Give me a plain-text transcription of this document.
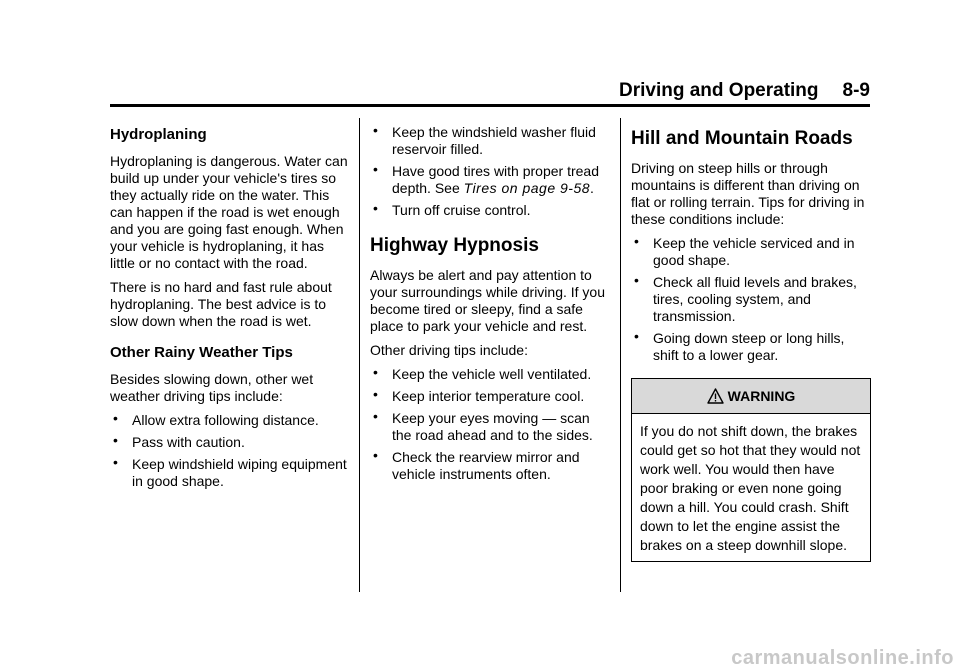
Driving and Operating 8-9
Hydroplaning

Hydroplaning is dangerous. Water can build up under your vehicle's tires so they actually ride on the water. This can happen if the road is wet enough and you are going fast enough. When your vehicle is hydroplaning, it has little or no contact with the road.

There is no hard and fast rule about hydroplaning. The best advice is to slow down when the road is wet.

Other Rainy Weather Tips

Besides slowing down, other wet weather driving tips include:

• Allow extra following distance.
• Pass with caution.
• Keep windshield wiping equipment in good shape.
• Keep the windshield washer fluid reservoir filled.
• Have good tires with proper tread depth. See Tires on page 9-58.
• Turn off cruise control.
Highway Hypnosis

Always be alert and pay attention to your surroundings while driving. If you become tired or sleepy, find a safe place to park your vehicle and rest.

Other driving tips include:

• Keep the vehicle well ventilated.
• Keep interior temperature cool.
• Keep your eyes moving — scan the road ahead and to the sides.
• Check the rearview mirror and vehicle instruments often.
Hill and Mountain Roads

Driving on steep hills or through mountains is different than driving on flat or rolling terrain. Tips for driving in these conditions include:

• Keep the vehicle serviced and in good shape.
• Check all fluid levels and brakes, tires, cooling system, and transmission.
• Going down steep or long hills, shift to a lower gear.
WARNING
If you do not shift down, the brakes could get so hot that they would not work well. You would then have poor braking or even none going down a hill. You could crash. Shift down to let the engine assist the brakes on a steep downhill slope.
carmanualsonline.info
